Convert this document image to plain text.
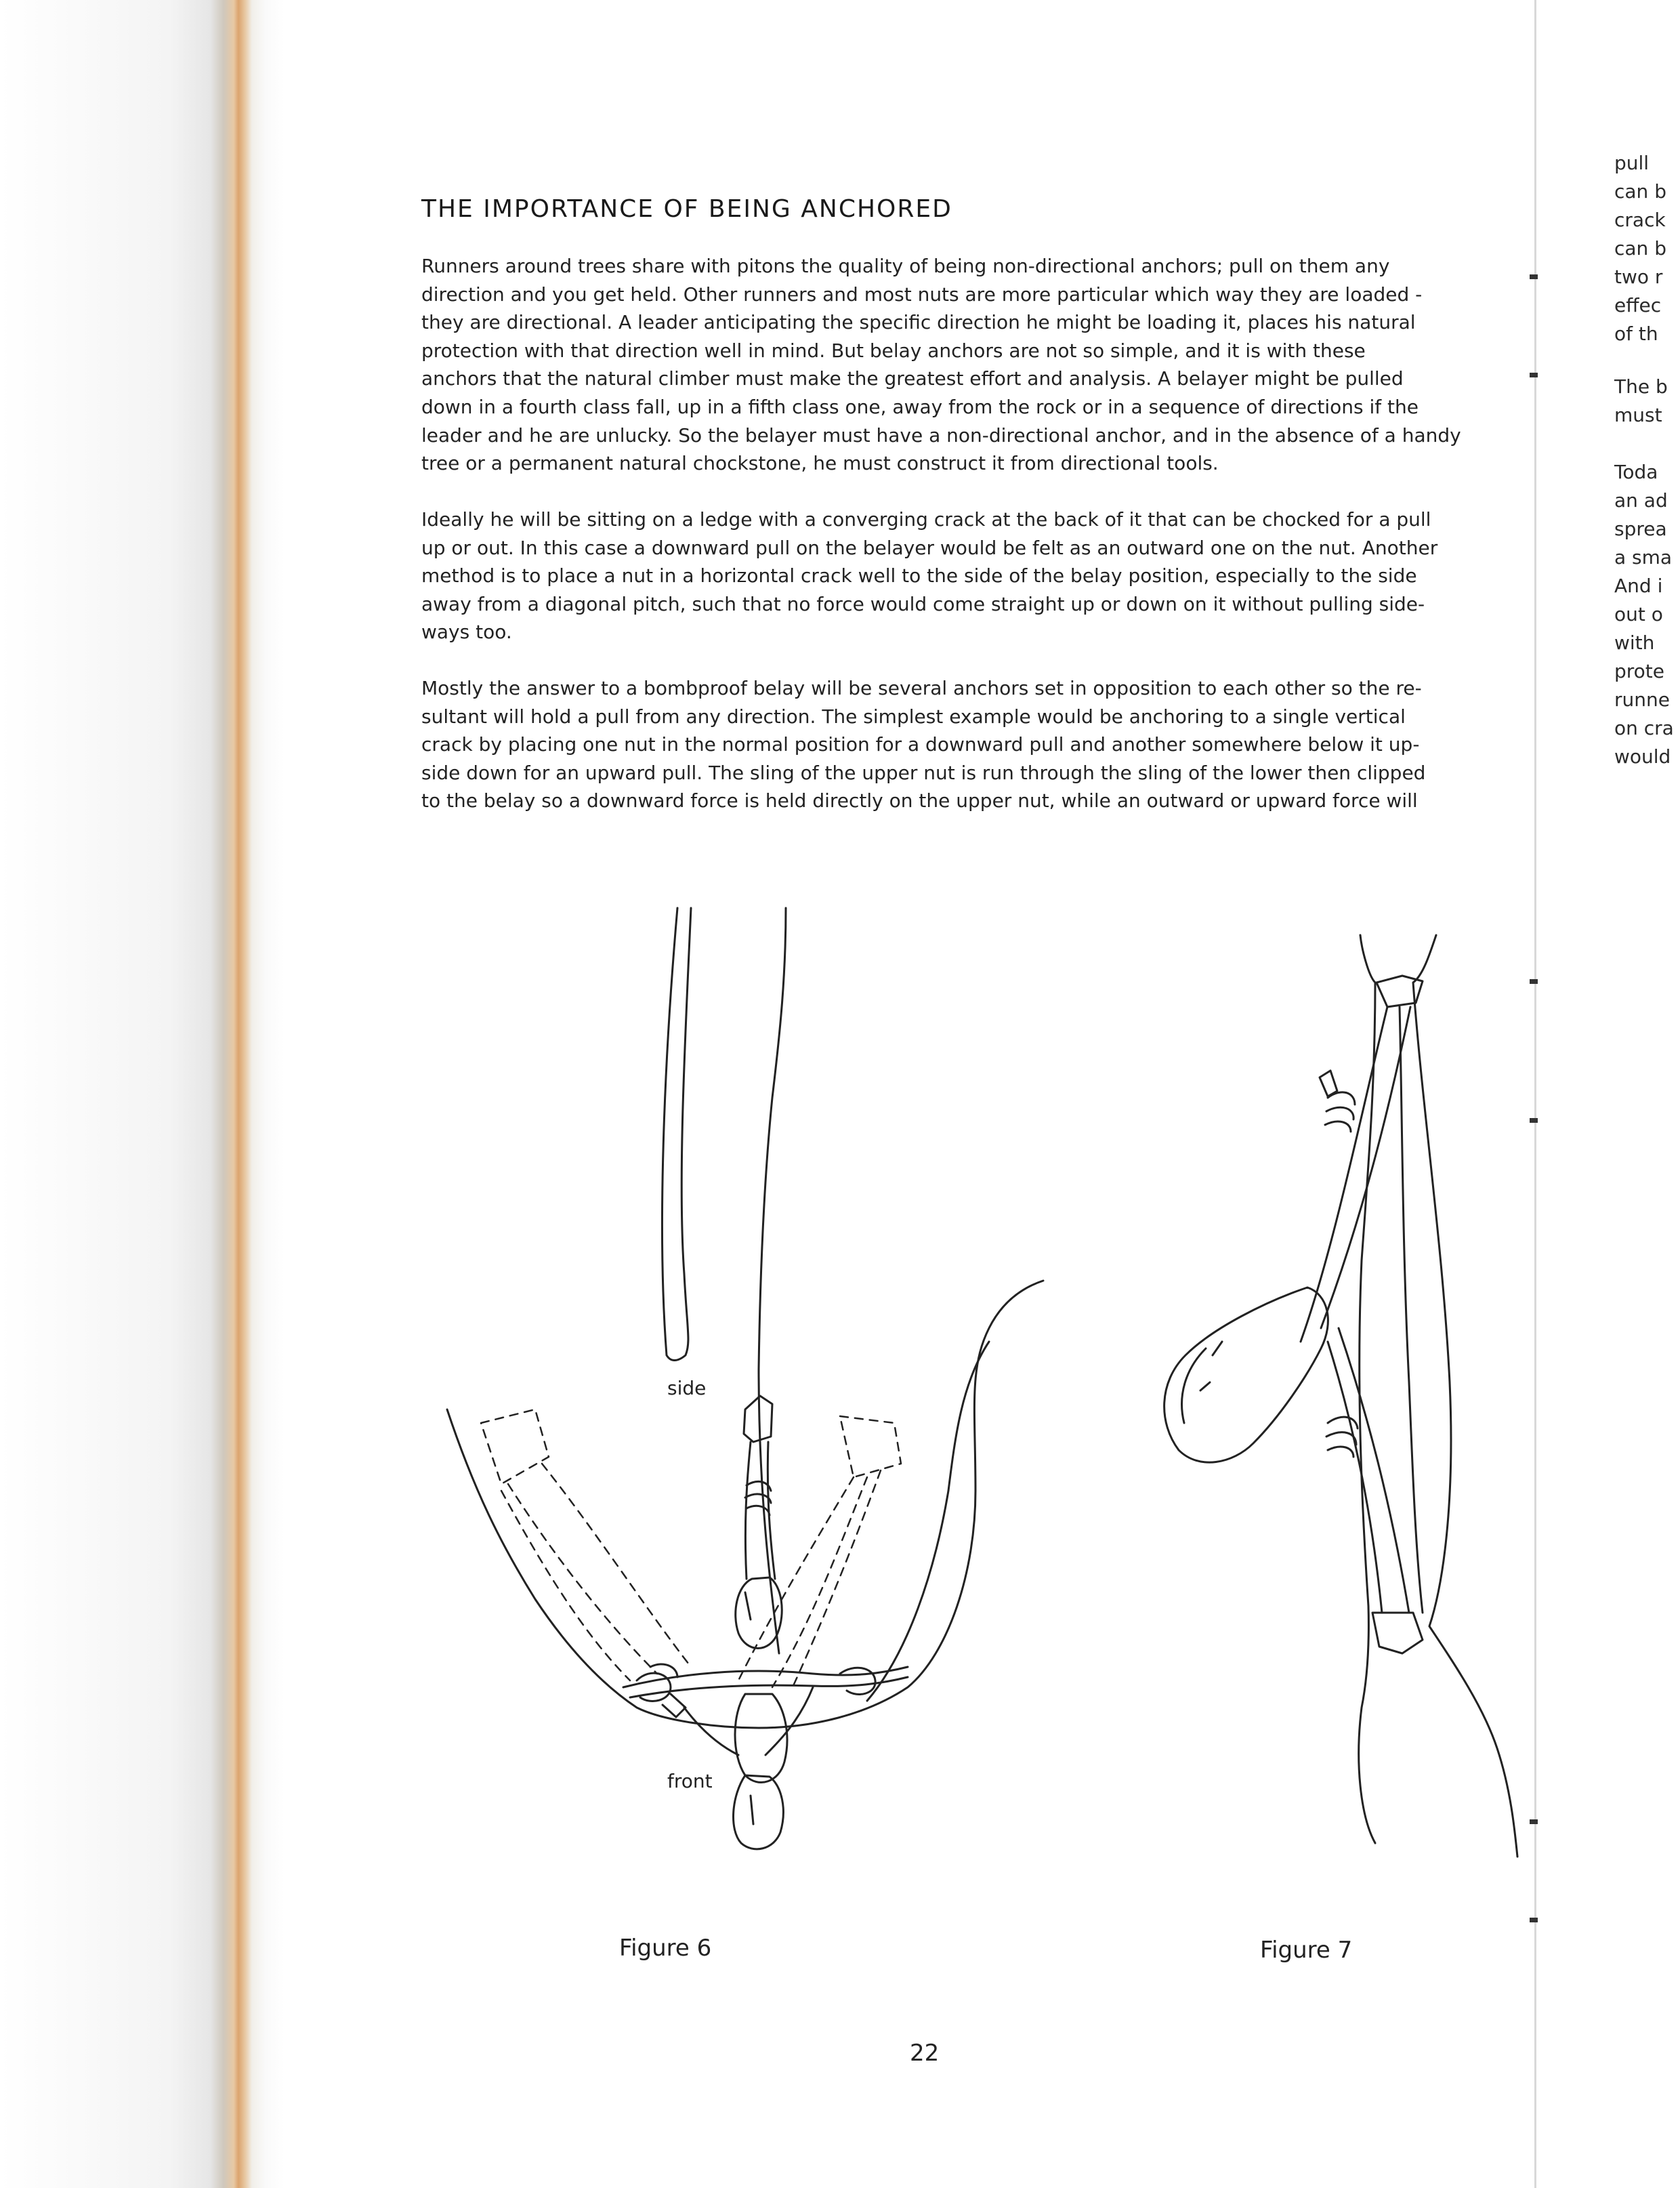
THE IMPORTANCE OF BEING ANCHORED
Runners around trees share with pitons the quality of being non-directional anchors; pull on them any
direction and you get held. Other runners and most nuts are more particular which way they are loaded -
they are directional. A leader anticipating the specific direction he might be loading it, places his natural
protection with that direction well in mind. But belay anchors are not so simple, and it is with these
anchors that the natural climber must make the greatest effort and analysis. A belayer might be pulled
down in a fourth class fall, up in a fifth class one, away from the rock or in a sequence of directions if the
leader and he are unlucky. So the belayer must have a non-directional anchor, and in the absence of a handy
tree or a permanent natural chockstone, he must construct it from directional tools.
Ideally he will be sitting on a ledge with a converging crack at the back of it that can be chocked for a pull
up or out. In this case a downward pull on the belayer would be felt as an outward one on the nut. Another
method is to place a nut in a horizontal crack well to the side of the belay position, especially to the side
away from a diagonal pitch, such that no force would come straight up or down on it without pulling side-
ways too.
Mostly the answer to a bombproof belay will be several anchors set in opposition to each other so the re-
sultant will hold a pull from any direction. The simplest example would be anchoring to a single vertical
crack by placing one nut in the normal position for a downward pull and another somewhere below it up-
side down for an upward pull. The sling of the upper nut is run through the sling of the lower then clipped
to the belay so a downward force is held directly on the upper nut, while an outward or upward force will
side
front
Figure 6	Figure 7
22
pull
can b
crack
can b
two r
effec
of th
The b
must
Toda
an ad
sprea
a sma
And i
out o
with
prote
runne
on cra
would
